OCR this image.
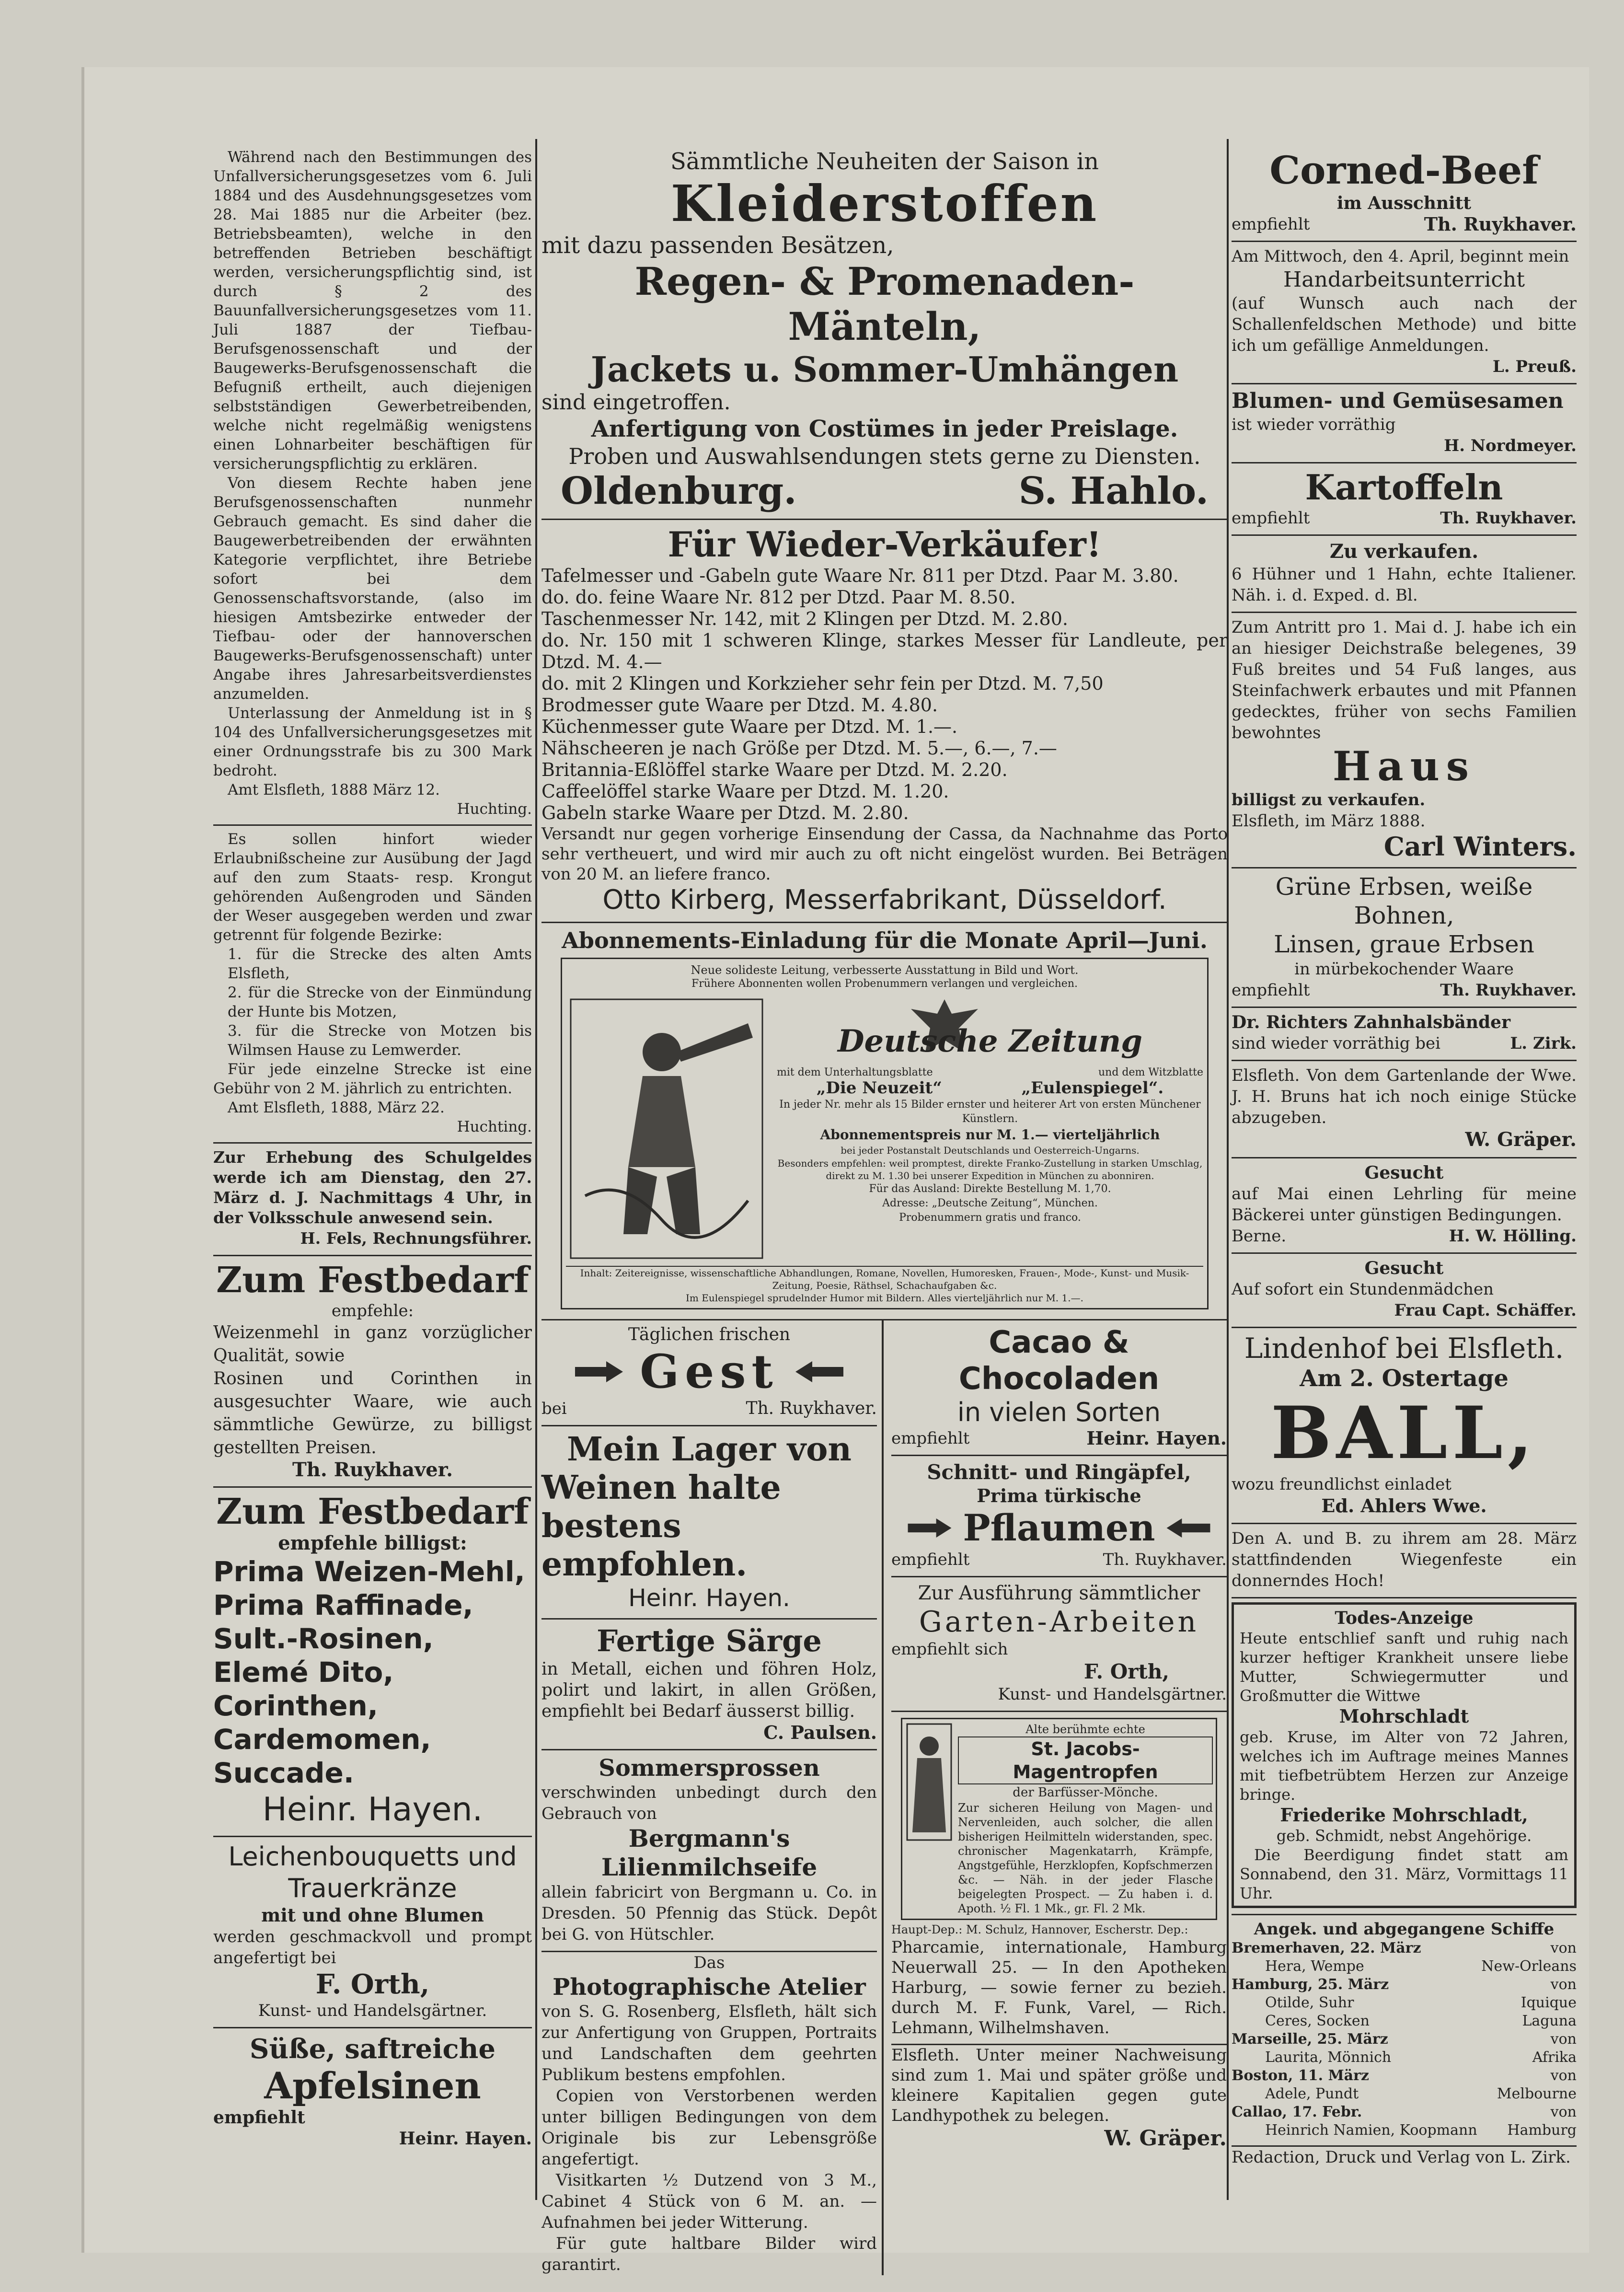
Während nach den Bestimmungen des Unfallversicherungsgesetzes vom 6. Juli 1884 und des Ausdehnungsgesetzes vom 28. Mai 1885 nur die Arbeiter (bez. Betriebsbeamten), welche in den betreffenden Betrieben beschäftigt werden, versicherungspflichtig sind, ist durch § 2 des Bauunfallversicherungsgesetzes vom 11. Juli 1887 der Tiefbau-Berufsgenossenschaft und der Baugewerks-Berufsgenossenschaft die Befugniß ertheilt, auch diejenigen selbstständigen Gewerbetreibenden, welche nicht regelmäßig wenigstens einen Lohnarbeiter beschäftigen für versicherungspflichtig zu erklären.

Von diesem Rechte haben jene Berufsgenossenschaften nunmehr Gebrauch gemacht. Es sind daher die Baugewerbetreibenden der erwähnten Kategorie verpflichtet, ihre Betriebe sofort bei dem Genossenschaftsvorstande, (also im hiesigen Amtsbezirke entweder der Tiefbau- oder der hannoverschen Baugewerks-Berufsgenossenschaft) unter Angabe ihres Jahresarbeitsverdienstes anzumelden.

Unterlassung der Anmeldung ist in § 104 des Unfallversicherungsgesetzes mit einer Ordnungsstrafe bis zu 300 Mark bedroht.

Amt Elsfleth, 1888 März 12.

Huchting.

Es sollen hinfort wieder Erlaubnißscheine zur Ausübung der Jagd auf den zum Staats- resp. Krongut gehörenden Außengroden und Sänden der Weser ausgegeben werden und zwar getrennt für folgende Bezirke:

1. für die Strecke des alten Amts Elsfleth,

2. für die Strecke von der Einmündung der Hunte bis Motzen,

3. für die Strecke von Motzen bis Wilmsen Hause zu Lemwerder.

Für jede einzelne Strecke ist eine Gebühr von 2 M. jährlich zu entrichten.

Amt Elsfleth, 1888, März 22.

Huchting.

Zur Erhebung des Schulgeldes werde ich am Dienstag, den 27. März d. J. Nachmittags 4 Uhr, in der Volksschule anwesend sein.

H. Fels, Rechnungsführer.

Zum Festbedarf

empfehle:

Weizenmehl in ganz vorzüglicher Qualität, sowie

Rosinen und Corinthen in ausgesuchter Waare, wie auch sämmtliche Gewürze, zu billigst gestellten Preisen.

Th. Ruykhaver.

Zum Festbedarf

empfehle billigst:

Prima Weizen-Mehl,

Prima Raffinade,

Sult.-Rosinen,

Elemé Dito,

Corinthen,

Cardemomen,

Succade.

Heinr. Hayen.

Leichenbouquetts und

Trauerkränze

mit und ohne Blumen

werden geschmackvoll und prompt angefertigt bei

F. Orth,

Kunst- und Handelsgärtner.

Süße, saftreiche

Apfelsinen

empfiehlt

Heinr. Hayen.

Sämmtliche Neuheiten der Saison in

Kleiderstoffen

mit dazu passenden Besätzen,

Regen- & Promenaden-Mänteln,

Jackets u. Sommer-Umhängen

sind eingetroffen.

Anfertigung von Costümes in jeder Preislage.

Proben und Auswahlsendungen stets gerne zu Diensten.

Oldenburg.	S. Hahlo.

Für Wieder-Verkäufer!

Tafelmesser und -Gabeln gute Waare Nr. 811 per Dtzd. Paar M. 3.80.

do. do. feine Waare Nr. 812 per Dtzd. Paar M. 8.50.

Taschenmesser Nr. 142, mit 2 Klingen per Dtzd. M. 2.80.

do. Nr. 150 mit 1 schweren Klinge, starkes Messer für Landleute, per Dtzd. M. 4.—

do. mit 2 Klingen und Korkzieher sehr fein per Dtzd. M. 7,50

Brodmesser gute Waare per Dtzd. M. 4.80.

Küchenmesser gute Waare per Dtzd. M. 1.—.

Nähscheeren je nach Größe per Dtzd. M. 5.—, 6.—, 7.—

Britannia-Eßlöffel starke Waare per Dtzd. M. 2.20.

Caffeelöffel starke Waare per Dtzd. M. 1.20.

Gabeln starke Waare per Dtzd. M. 2.80.

Versandt nur gegen vorherige Einsendung der Cassa, da Nachnahme das Porto sehr vertheuert, und wird mir auch zu oft nicht eingelöst wurden. Bei Beträgen von 20 M. an liefere franco.

Otto Kirberg, Messerfabrikant, Düsseldorf.

Abonnements-Einladung für die Monate April—Juni.

Neue solideste Leitung, verbesserte Ausstattung in Bild und Wort.

Frühere Abonnenten wollen Probenummern verlangen und vergleichen.

Deutsche Zeitung

mit dem Unterhaltungsblatte	und dem Witzblatte
„Die Neuzeit“	„Eulenspiegel“.

In jeder Nr. mehr als 15 Bilder ernster und heiterer Art von ersten Münchener Künstlern.

Abonnementspreis nur M. 1.— vierteljährlich

bei jeder Postanstalt Deutschlands und Oesterreich-Ungarns.

Besonders empfehlen: weil promptest, direkte Franko-Zustellung in starken Umschlag, direkt zu M. 1.30 bei unserer Expedition in München zu abonniren.

Für das Ausland: Direkte Bestellung M. 1,70.

Adresse: „Deutsche Zeitung“, München.

Probenummern gratis und franco.

Inhalt: Zeitereignisse, wissenschaftliche Abhandlungen, Romane, Novellen, Humoresken, Frauen-, Mode-, Kunst- und Musik-Zeitung, Poesie, Räthsel, Schachaufgaben &c.

Im Eulenspiegel sprudelnder Humor mit Bildern. Alles vierteljährlich nur M. 1.—.

Täglichen frischen

Gest
bei	Th. Ruykhaver.

Mein Lager von

Weinen halte bestens

empfohlen.

Heinr. Hayen.

Fertige Särge

in Metall, eichen und föhren Holz, polirt und lakirt, in allen Größen, empfiehlt bei Bedarf äusserst billig.

C. Paulsen.

Sommersprossen

verschwinden unbedingt durch den Gebrauch von

Bergmann's Lilienmilchseife

allein fabricirt von Bergmann u. Co. in Dresden. 50 Pfennig das Stück. Depôt bei G. von Hütschler.

Das

Photographische Atelier

von S. G. Rosenberg, Elsfleth, hält sich zur Anfertigung von Gruppen, Portraits und Landschaften dem geehrten Publikum bestens empfohlen.

Copien von Verstorbenen werden unter billigen Bedingungen von dem Originale bis zur Lebensgröße angefertigt.

Visitkarten ½ Dutzend von 3 M., Cabinet 4 Stück von 6 M. an. — Aufnahmen bei jeder Witterung.

Für gute haltbare Bilder wird garantirt.

Cacao & Chocoladen

in vielen Sorten

empfiehlt	Heinr. Hayen.

Schnitt- und Ringäpfel,

Prima türkische

Pflaumen
empfiehlt	Th. Ruykhaver.

Zur Ausführung sämmtlicher

Garten-Arbeiten

empfiehlt sich

F. Orth,

Kunst- und Handelsgärtner.

Alte berühmte echte

St. Jacobs-Magentropfen

der Barfüsser-Mönche.

Zur sicheren Heilung von Magen- und Nervenleiden, auch solcher, die allen bisherigen Heilmitteln widerstanden, spec. chronischer Magenkatarrh, Krämpfe, Angstgefühle, Herzklopfen, Kopfschmerzen &c. — Näh. in der jeder Flasche beigelegten Prospect. — Zu haben i. d. Apoth. ½ Fl. 1 Mk., gr. Fl. 2 Mk.

Haupt-Dep.: M. Schulz, Hannover, Escherstr. Dep.:

Pharcamie, internationale, Hamburg Neuerwall 25. — In den Apotheken Harburg, — sowie ferner zu bezieh. durch M. F. Funk, Varel, — Rich. Lehmann, Wilhelmshaven.

Elsfleth. Unter meiner Nachweisung sind zum 1. Mai und später größe und kleinere Kapitalien gegen gute Landhypothek zu belegen.

W. Gräper.

Corned-Beef

im Ausschnitt

empfiehlt	Th. Ruykhaver.

Am Mittwoch, den 4. April, beginnt mein

Handarbeitsunterricht

(auf Wunsch auch nach der Schallenfeldschen Methode) und bitte ich um gefällige Anmeldungen.

L. Preuß.

Blumen- und Gemüsesamen

ist wieder vorräthig

H. Nordmeyer.

Kartoffeln

empfiehlt	Th. Ruykhaver.

Zu verkaufen.

6 Hühner und 1 Hahn, echte Italiener. Näh. i. d. Exped. d. Bl.

Zum Antritt pro 1. Mai d. J. habe ich ein an hiesiger Deichstraße belegenes, 39 Fuß breites und 54 Fuß langes, aus Steinfachwerk erbautes und mit Pfannen gedecktes, früher von sechs Familien bewohntes

Haus

billigst zu verkaufen.

Elsfleth, im März 1888.

Carl Winters.

Grüne Erbsen, weiße Bohnen,

Linsen, graue Erbsen

in mürbekochender Waare

empfiehlt	Th. Ruykhaver.

Dr. Richters Zahnhalsbänder

sind wieder vorräthig bei	L. Zirk.

Elsfleth. Von dem Gartenlande der Wwe. J. H. Bruns hat ich noch einige Stücke abzugeben.

W. Gräper.

Gesucht

auf Mai einen Lehrling für meine Bäckerei unter günstigen Bedingungen.

Berne.	H. W. Hölling.

Gesucht

Auf sofort ein Stundenmädchen

Frau Capt. Schäffer.

Lindenhof bei Elsfleth.

Am 2. Ostertage

BALL,

wozu freundlichst einladet

Ed. Ahlers Wwe.

Den A. und B. zu ihrem am 28. März stattfindenden Wiegenfeste ein donnerndes Hoch!

Todes-Anzeige

Heute entschlief sanft und ruhig nach kurzer heftiger Krankheit unsere liebe Mutter, Schwiegermutter und Großmutter die Wittwe

Mohrschladt

geb. Kruse, im Alter von 72 Jahren, welches ich im Auftrage meines Mannes mit tiefbetrübtem Herzen zur Anzeige bringe.

Friederike Mohrschladt,

geb. Schmidt, nebst Angehörige.

Die Beerdigung findet statt am Sonnabend, den 31. März, Vormittags 11 Uhr.

Angek. und abgegangene Schiffe

Bremerhaven, 22. März	von
Hera, Wempe	New-Orleans
Hamburg, 25. März	von
Otilde, Suhr	Iquique
Ceres, Socken	Laguna
Marseille, 25. März	von
Laurita, Mönnich	Afrika
Boston, 11. März	von
Adele, Pundt	Melbourne
Callao, 17. Febr.	von
Heinrich Namien, Koopmann Hamburg

Redaction, Druck und Verlag von L. Zirk.
